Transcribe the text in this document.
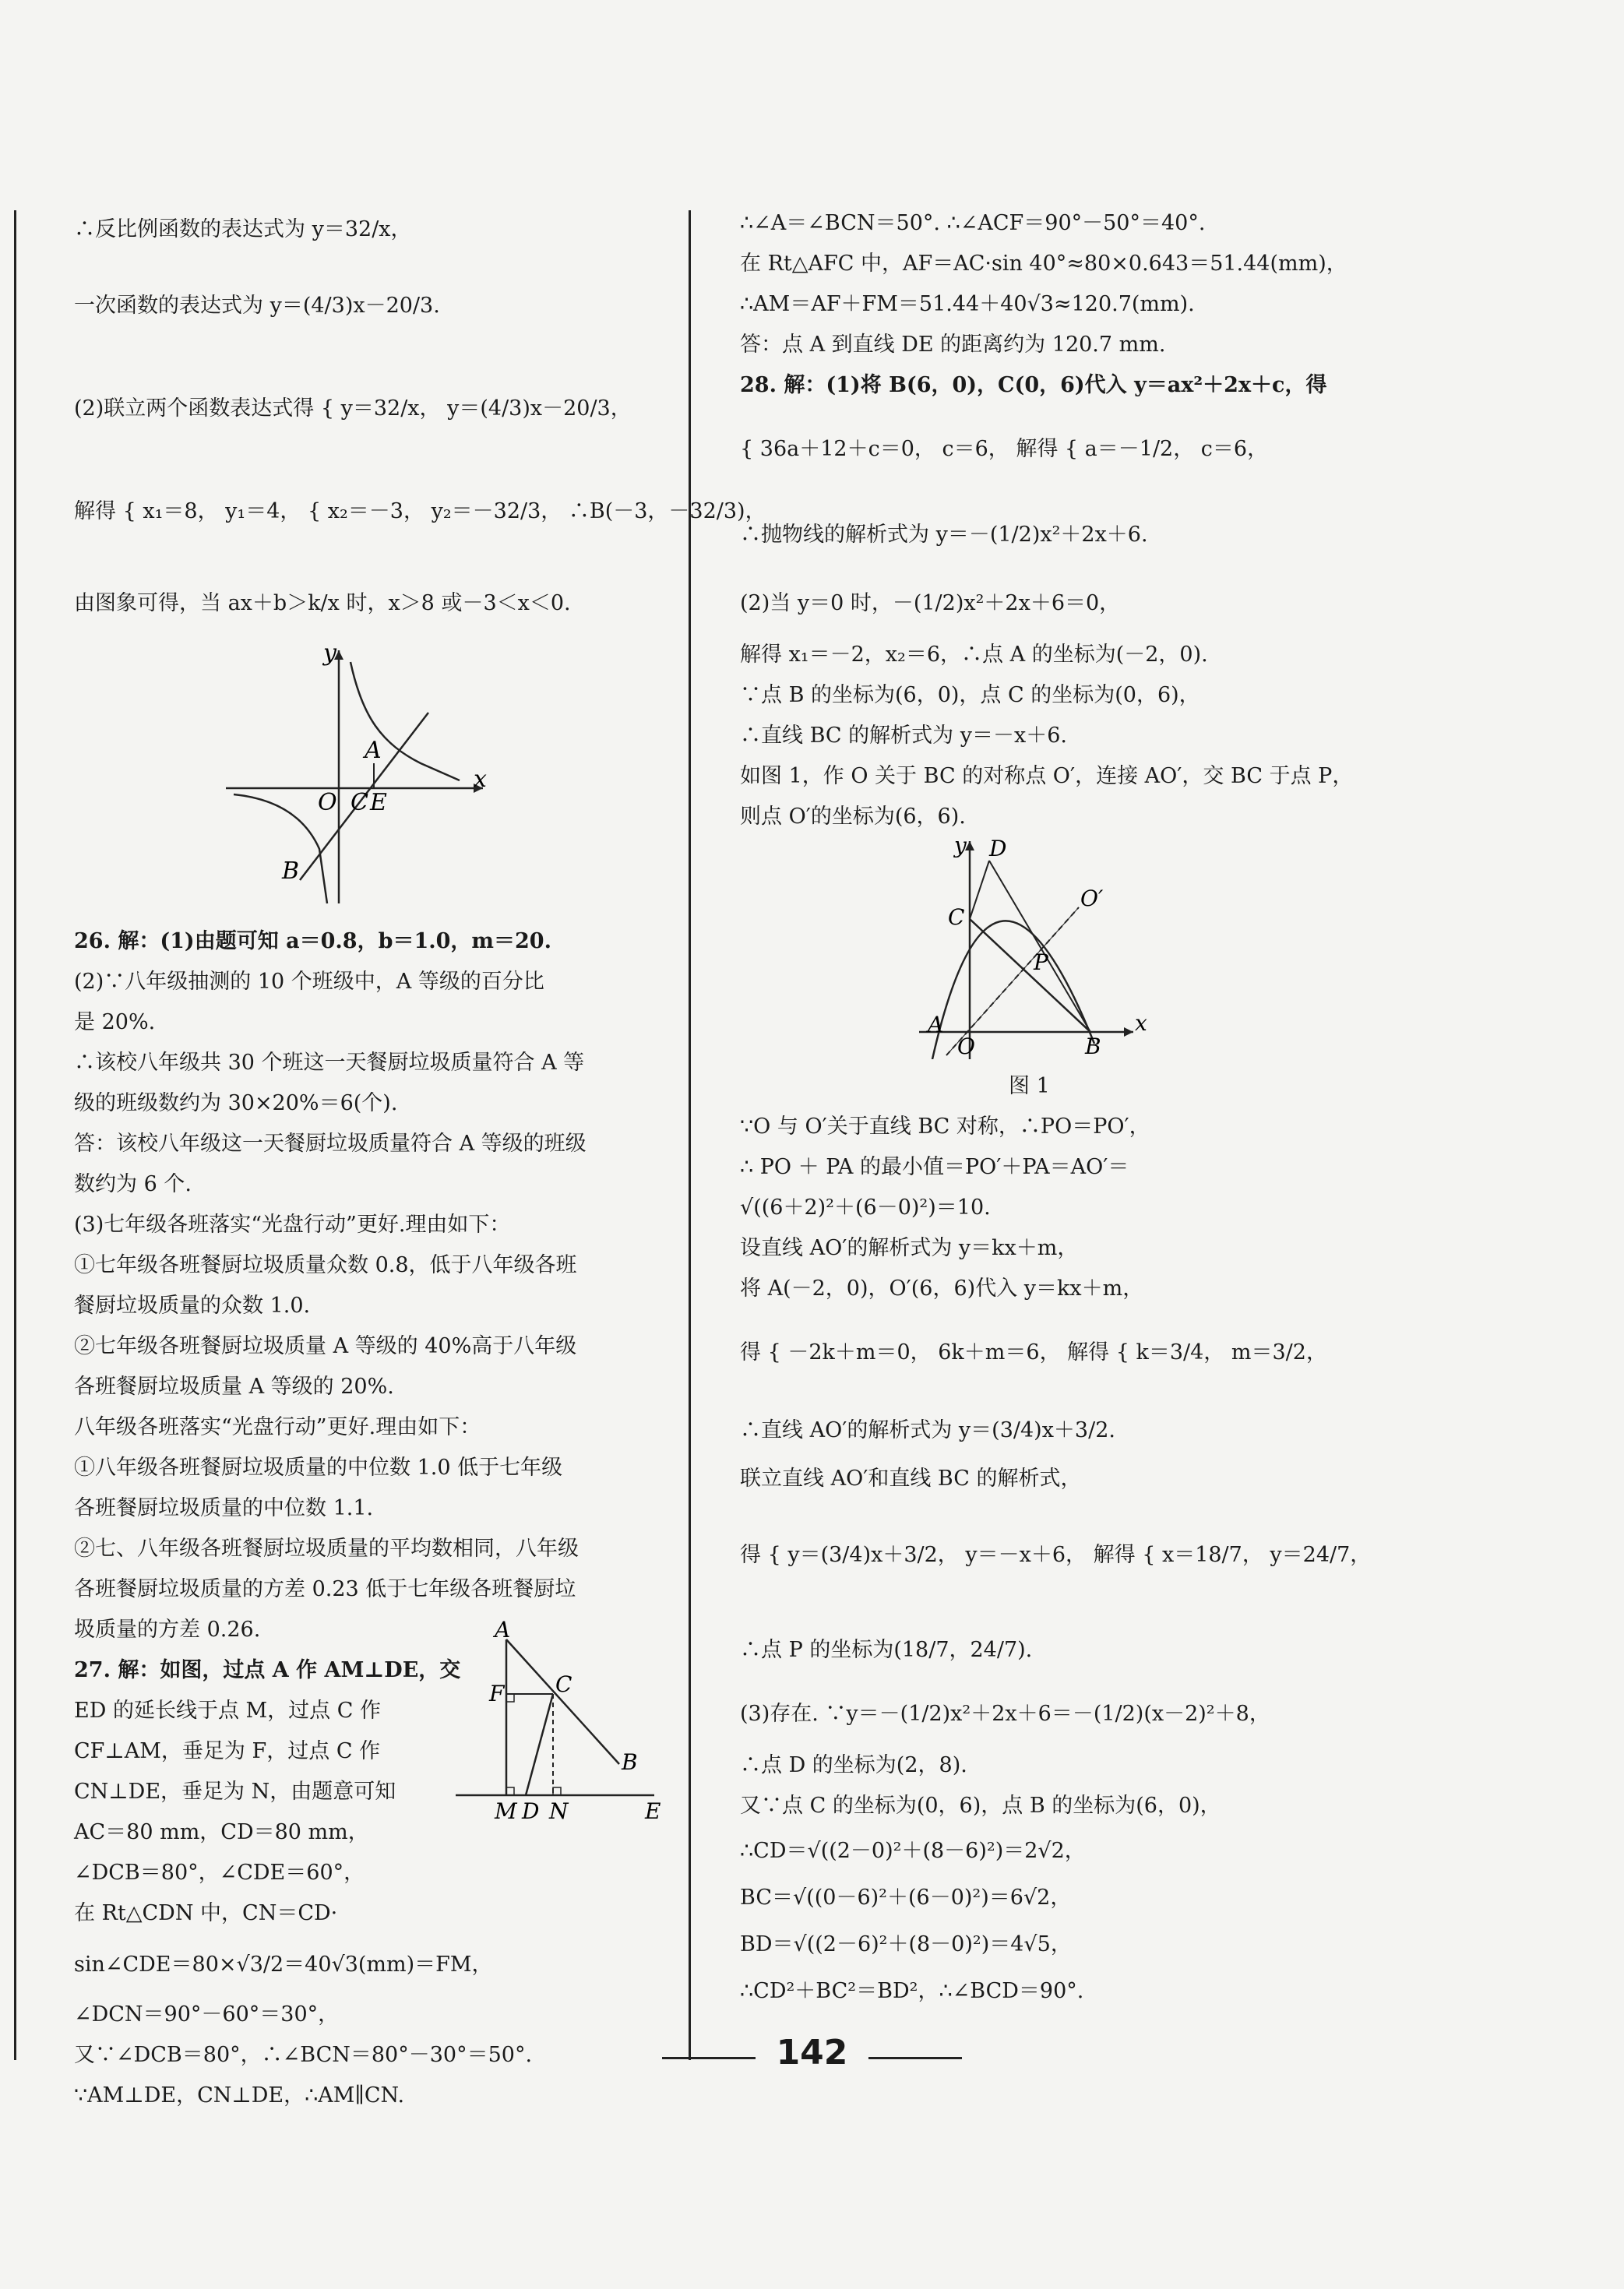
∴反比例函数的表达式为 y＝32/x，
一次函数的表达式为 y＝(4/3)x－20/3.
(2)联立两个函数表达式得 { y＝32/x， y＝(4/3)x－20/3，
解得 { x₁＝8， y₁＝4， { x₂＝－3， y₂＝－32/3， ∴B(－3，－32/3)，
由图象可得，当 ax＋b＞k/x 时，x＞8 或－3＜x＜0.
y
x
O C E
A
B
26. 解：(1)由题可知 a＝0.8，b＝1.0，m＝20.
(2)∵八年级抽测的 10 个班级中，A 等级的百分比
是 20%.
∴该校八年级共 30 个班这一天餐厨垃圾质量符合 A 等
级的班级数约为 30×20%＝6(个).
答：该校八年级这一天餐厨垃圾质量符合 A 等级的班级
数约为 6 个.
(3)七年级各班落实“光盘行动”更好.理由如下：
①七年级各班餐厨垃圾质量众数 0.8，低于八年级各班
餐厨垃圾质量的众数 1.0.
②七年级各班餐厨垃圾质量 A 等级的 40%高于八年级
各班餐厨垃圾质量 A 等级的 20%.
八年级各班落实“光盘行动”更好.理由如下：
①八年级各班餐厨垃圾质量的中位数 1.0 低于七年级
各班餐厨垃圾质量的中位数 1.1.
②七、八年级各班餐厨垃圾质量的平均数相同，八年级
各班餐厨垃圾质量的方差 0.23 低于七年级各班餐厨垃
圾质量的方差 0.26.
27. 解：如图，过点 A 作 AM⊥DE，交
ED 的延长线于点 M，过点 C 作
CF⊥AM，垂足为 F，过点 C 作
CN⊥DE，垂足为 N，由题意可知
AC＝80 mm，CD＝80 mm，
∠DCB＝80°，∠CDE＝60°，
在 Rt△CDN 中，CN＝CD·
sin∠CDE＝80×√3/2＝40√3(mm)＝FM，
∠DCN＝90°－60°＝30°，
又∵∠DCB＝80°，∴∠BCN＝80°－30°＝50°.
∵AM⊥DE，CN⊥DE，∴AM∥CN.
A
F C
B
M D N	E
∴∠A＝∠BCN＝50°. ∴∠ACF＝90°－50°＝40°.
在 Rt△AFC 中，AF＝AC·sin 40°≈80×0.643＝51.44(mm)，
∴AM＝AF＋FM＝51.44＋40√3≈120.7(mm).
答：点 A 到直线 DE 的距离约为 120.7 mm.
28. 解：(1)将 B(6，0)，C(0，6)代入 y＝ax²＋2x＋c，得
{ 36a＋12＋c＝0， c＝6， 解得 { a＝－1/2， c＝6，
∴抛物线的解析式为 y＝－(1/2)x²＋2x＋6.
(2)当 y＝0 时，－(1/2)x²＋2x＋6＝0，
解得 x₁＝－2，x₂＝6，∴点 A 的坐标为(－2，0).
∵点 B 的坐标为(6，0)，点 C 的坐标为(0，6)，
∴直线 BC 的解析式为 y＝－x＋6.
如图 1，作 O 关于 BC 的对称点 O′，连接 AO′，交 BC 于点 P，
则点 O′的坐标为(6，6).
y
x
D
C
O′
P
A
O	B
图 1
∵O 与 O′关于直线 BC 对称，∴PO＝PO′，
∴ PO ＋ PA 的最小值＝PO′＋PA＝AO′＝
√((6＋2)²＋(6－0)²)＝10.
设直线 AO′的解析式为 y＝kx＋m，
将 A(－2，0)，O′(6，6)代入 y＝kx＋m，
得 { －2k＋m＝0， 6k＋m＝6， 解得 { k＝3/4， m＝3/2，
∴直线 AO′的解析式为 y＝(3/4)x＋3/2.
联立直线 AO′和直线 BC 的解析式，
得 { y＝(3/4)x＋3/2， y＝－x＋6， 解得 { x＝18/7， y＝24/7，
∴点 P 的坐标为(18/7，24/7).
(3)存在. ∵y＝－(1/2)x²＋2x＋6＝－(1/2)(x－2)²＋8，
∴点 D 的坐标为(2，8).
又∵点 C 的坐标为(0，6)，点 B 的坐标为(6，0)，
∴CD＝√((2－0)²＋(8－6)²)＝2√2，
BC＝√((0－6)²＋(6－0)²)＝6√2，
BD＝√((2－6)²＋(8－0)²)＝4√5，
∴CD²＋BC²＝BD²，∴∠BCD＝90°.
142
